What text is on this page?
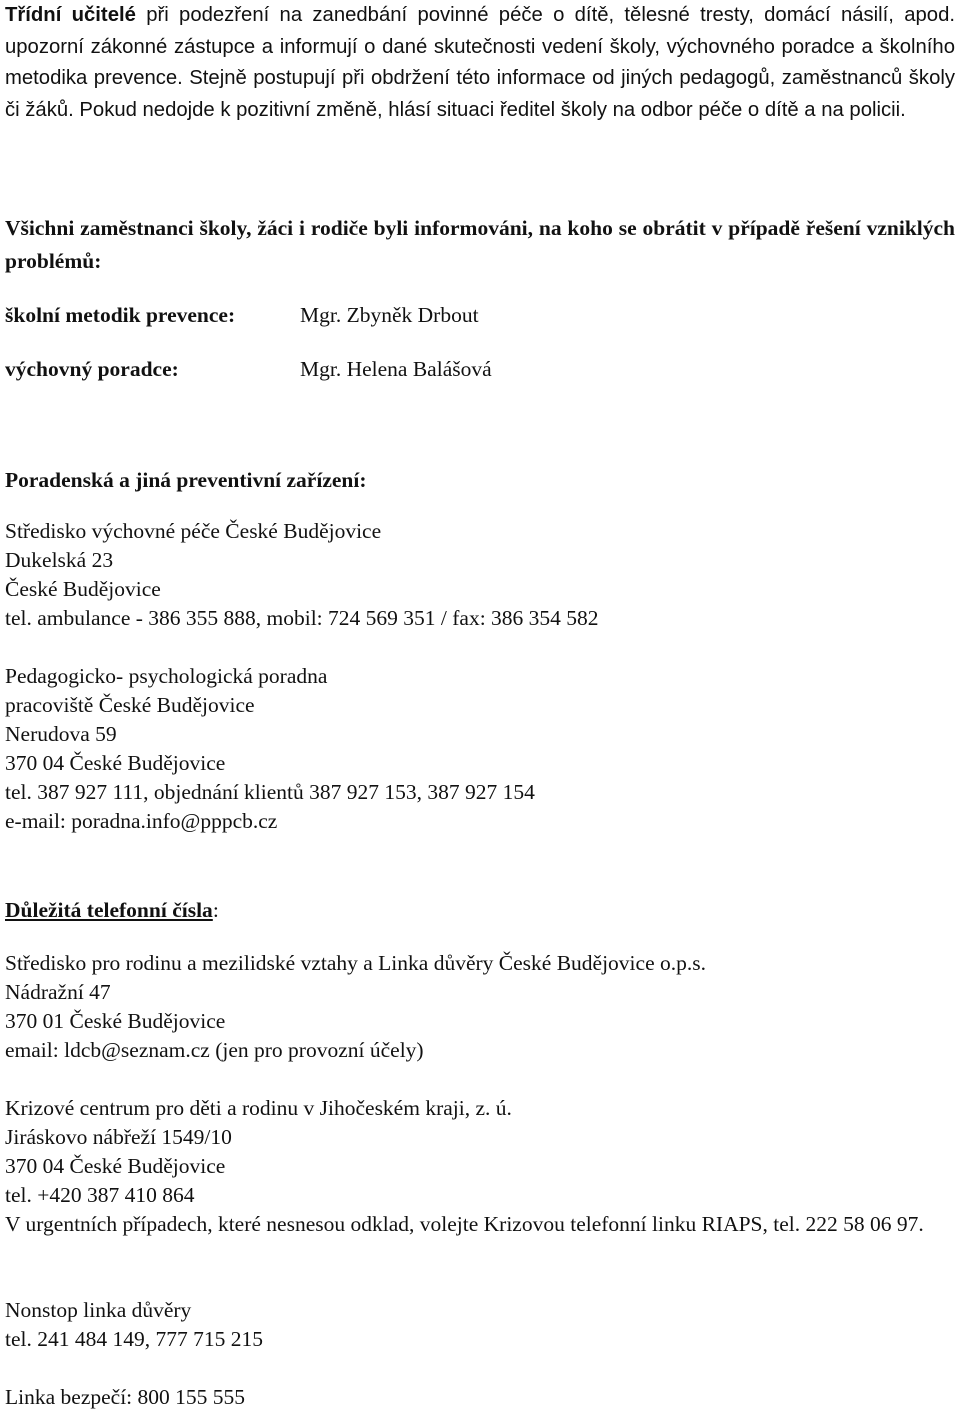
Třídní učitelé při podezření na zanedbání povinné péče o dítě, tělesné tresty, domácí násilí, apod. upozorní zákonné zástupce a informují o dané skutečnosti vedení školy, výchovného poradce a školního metodika prevence. Stejně postupují při obdržení této informace od jiných pedagogů, zaměstnanců školy či žáků. Pokud nedojde k pozitivní změně, hlásí situaci ředitel školy na odbor péče o dítě a na policii.

Všichni zaměstnanci školy, žáci i rodiče byli informováni, na koho se obrátit v případě řešení vzniklých problémů:

školní metodik prevence:	Mgr. Zbyněk Drbout
výchovný poradce:	Mgr. Helena Balášová
Poradenská a jiná preventivní zařízení:
Středisko výchovné péče České Budějovice
Dukelská 23
České Budějovice
tel. ambulance - 386 355 888, mobil: 724 569 351 / fax: 386 354 582
Pedagogicko- psychologická poradna
pracoviště České Budějovice
Nerudova 59
370 04 České Budějovice
tel. 387 927 111, objednání klientů 387 927 153, 387 927 154
e-mail: poradna.info@pppcb.cz
Důležitá telefonní čísla:
Středisko pro rodinu a mezilidské vztahy a Linka důvěry České Budějovice o.p.s.
Nádražní 47
370 01 České Budějovice
email: ldcb@seznam.cz (jen pro provozní účely)
Krizové centrum pro děti a rodinu v Jihočeském kraji, z. ú.
Jiráskovo nábřeží 1549/10
370 04 České Budějovice
tel. +420 387 410 864
V urgentních případech, které nesnesou odklad, volejte Krizovou telefonní linku RIAPS, tel. 222 58 06 97.
Nonstop linka důvěry
tel. 241 484 149, 777 715 215
Linka bezpečí: 800 155 555
